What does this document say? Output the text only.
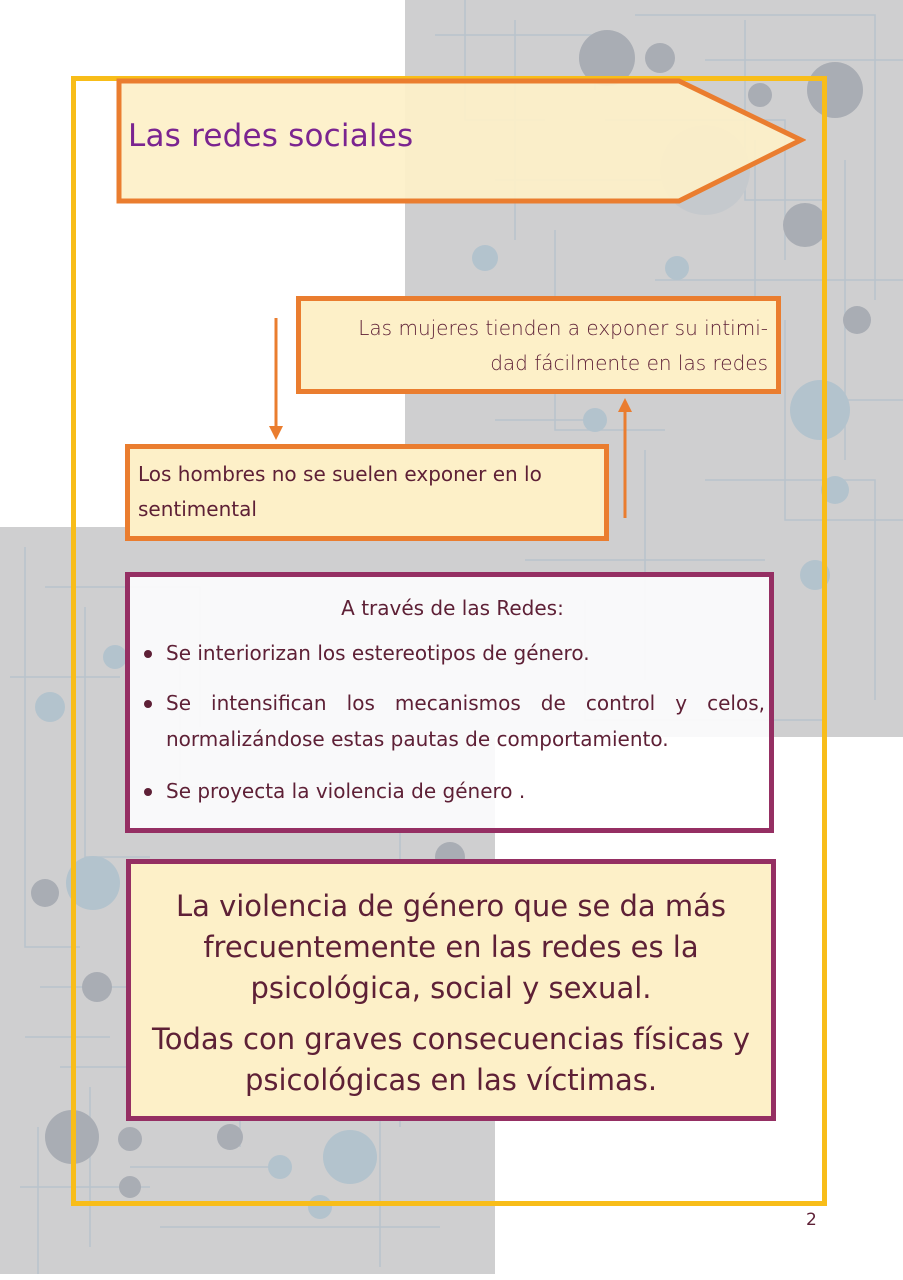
Las redes sociales
Las mujeres tienden a exponer su intimi-
dad fácilmente en las redes
Los hombres no se suelen exponer en lo
sentimental
A través de las Redes:
Se interiorizan los estereotipos de género.
Se intensifican los mecanismos de control y celos, normalizándose estas pautas de comportamiento.
Se proyecta la violencia de género .

La violencia de género que se da más frecuentemente en las redes es la psicológica, social y sexual.

Todas con graves consecuencias físicas y psicológicas en las víctimas.

2
